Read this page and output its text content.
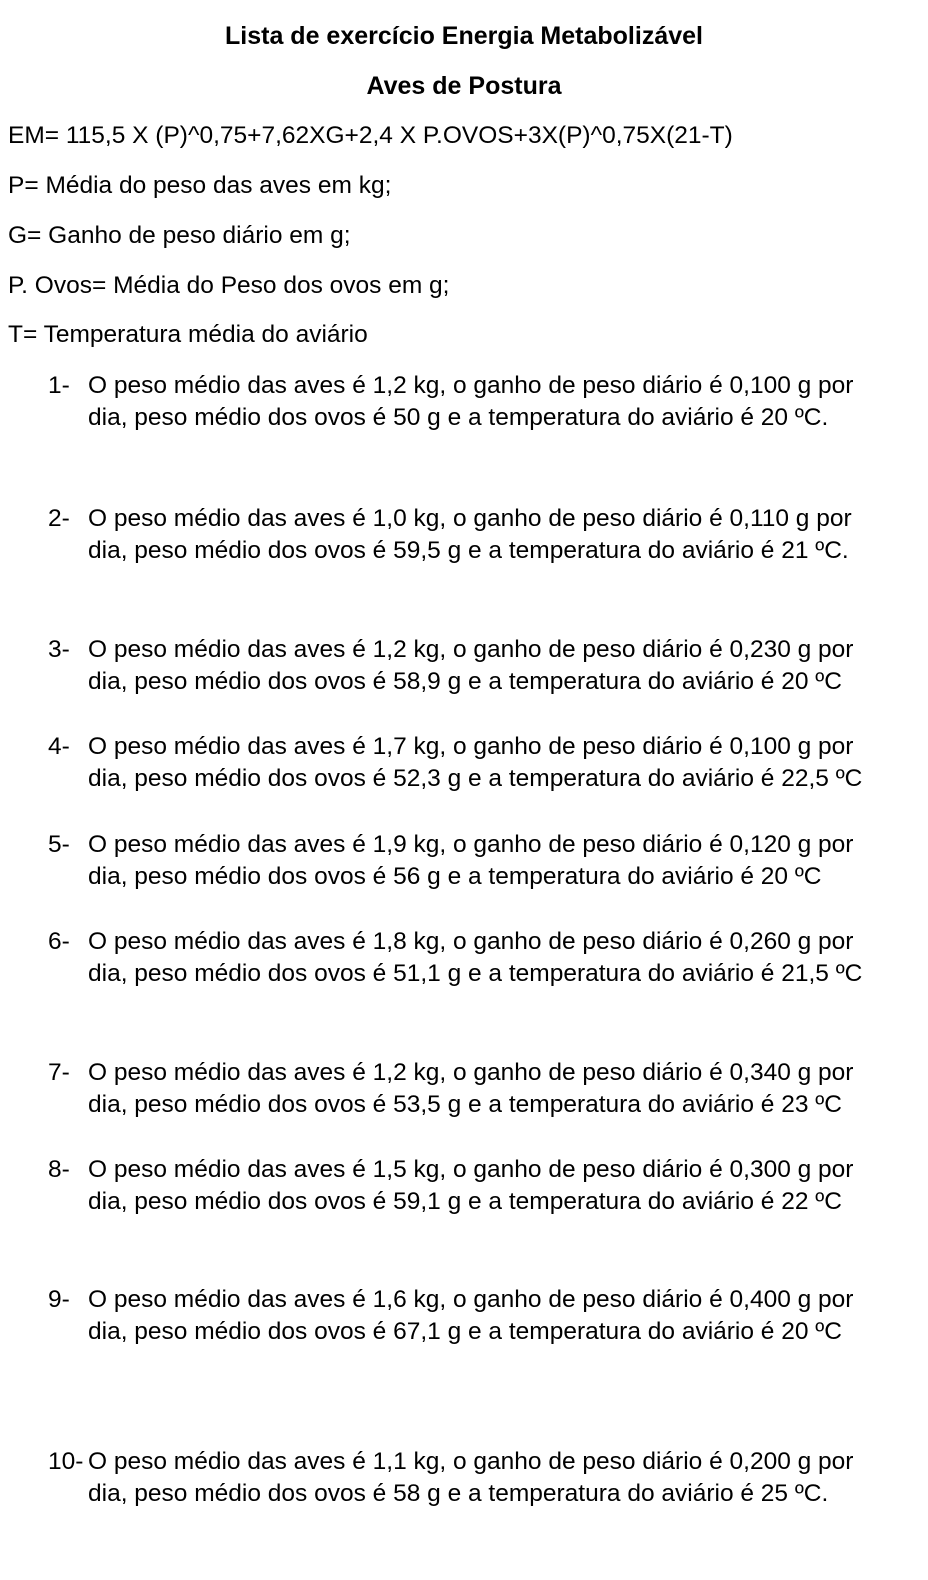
Lista de exercício Energia Metabolizável
Aves de Postura
EM= 115,5 X (P)^0,75+7,62XG+2,4 X P.OVOS+3X(P)^0,75X(21-T)
P= Média do peso das aves em kg;
G= Ganho de peso diário em g;
P. Ovos= Média do Peso dos ovos em g;
T= Temperatura média do aviário
1- O peso médio das aves é 1,2 kg, o ganho de peso diário é 0,100 g por
dia, peso médio dos ovos é 50 g e a temperatura do aviário é 20 ºC.
2- O peso médio das aves é 1,0 kg, o ganho de peso diário é 0,110 g por
dia, peso médio dos ovos é 59,5 g e a temperatura do aviário é 21 ºC.
3- O peso médio das aves é 1,2 kg, o ganho de peso diário é 0,230 g por
dia, peso médio dos ovos é 58,9 g e a temperatura do aviário é 20 ºC
4- O peso médio das aves é 1,7 kg, o ganho de peso diário é 0,100 g por
dia, peso médio dos ovos é 52,3 g e a temperatura do aviário é 22,5 ºC
5- O peso médio das aves é 1,9 kg, o ganho de peso diário é 0,120 g por
dia, peso médio dos ovos é 56 g e a temperatura do aviário é 20 ºC
6- O peso médio das aves é 1,8 kg, o ganho de peso diário é 0,260 g por
dia, peso médio dos ovos é 51,1 g e a temperatura do aviário é 21,5 ºC
7- O peso médio das aves é 1,2 kg, o ganho de peso diário é 0,340 g por
dia, peso médio dos ovos é 53,5 g e a temperatura do aviário é 23 ºC
8- O peso médio das aves é 1,5 kg, o ganho de peso diário é 0,300 g por
dia, peso médio dos ovos é 59,1 g e a temperatura do aviário é 22 ºC
9- O peso médio das aves é 1,6 kg, o ganho de peso diário é 0,400 g por
dia, peso médio dos ovos é 67,1 g e a temperatura do aviário é 20 ºC
10- O peso médio das aves é 1,1 kg, o ganho de peso diário é 0,200 g por
dia, peso médio dos ovos é 58 g e a temperatura do aviário é 25 ºC.
